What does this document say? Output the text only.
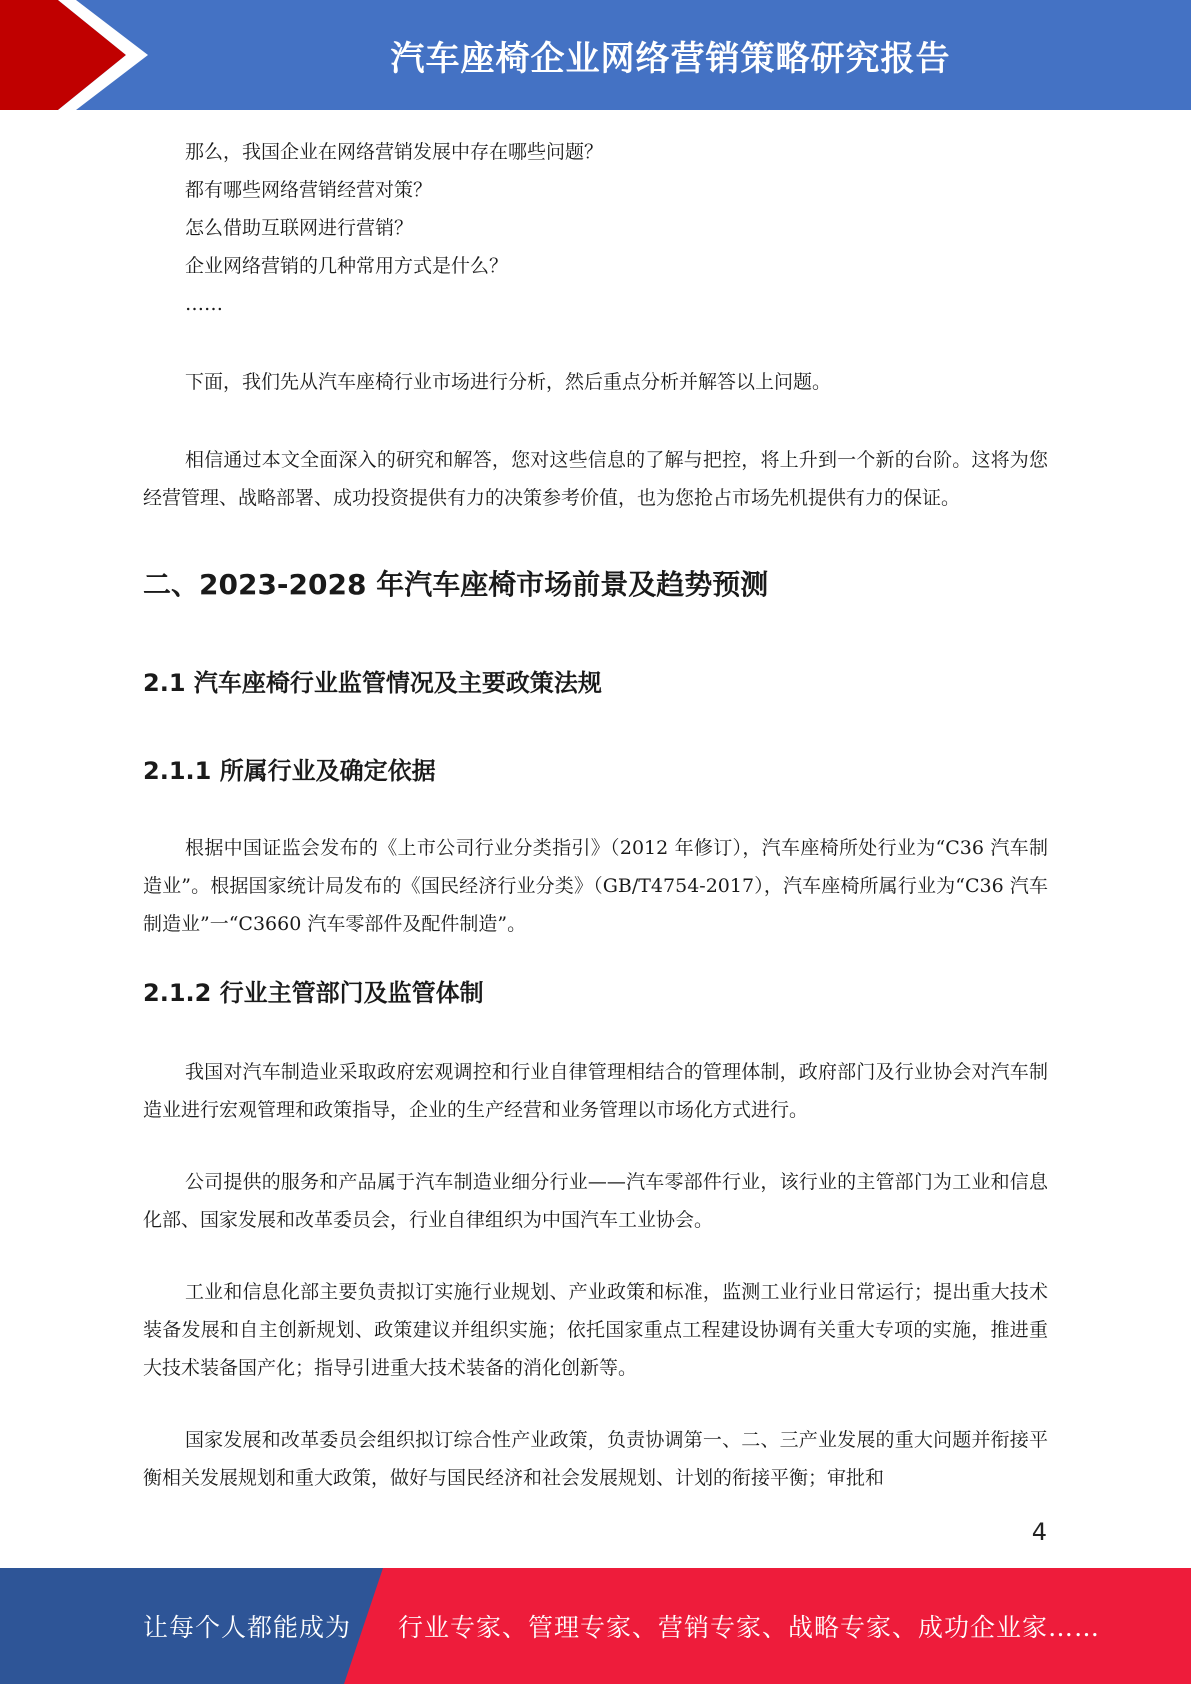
汽车座椅企业网络营销策略研究报告

那么，我国企业在网络营销发展中存在哪些问题？

都有哪些网络营销经营对策？

怎么借助互联网进行营销？

企业网络营销的几种常用方式是什么？

……

下面，我们先从汽车座椅行业市场进行分析，然后重点分析并解答以上问题。

相信通过本文全面深入的研究和解答，您对这些信息的了解与把控，将上升到一个新的台阶。这将为您经营管理、战略部署、成功投资提供有力的决策参考价值，也为您抢占市场先机提供有力的保证。

二、2023-2028 年汽车座椅市场前景及趋势预测
2.1 汽车座椅行业监管情况及主要政策法规
2.1.1 所属行业及确定依据

根据中国证监会发布的《上市公司行业分类指引》（2012 年修订），汽车座椅所处行业为“C36 汽车制造业”。根据国家统计局发布的《国民经济行业分类》（GB/T4754-2017），汽车座椅所属行业为“C36 汽车制造业”一“C3660 汽车零部件及配件制造”。

2.1.2 行业主管部门及监管体制

我国对汽车制造业采取政府宏观调控和行业自律管理相结合的管理体制，政府部门及行业协会对汽车制造业进行宏观管理和政策指导，企业的生产经营和业务管理以市场化方式进行。

公司提供的服务和产品属于汽车制造业细分行业——汽车零部件行业，该行业的主管部门为工业和信息化部、国家发展和改革委员会，行业自律组织为中国汽车工业协会。

工业和信息化部主要负责拟订实施行业规划、产业政策和标准，监测工业行业日常运行；提出重大技术装备发展和自主创新规划、政策建议并组织实施；依托国家重点工程建设协调有关重大专项的实施，推进重大技术装备国产化；指导引进重大技术装备的消化创新等。

国家发展和改革委员会组织拟订综合性产业政策，负责协调第一、二、三产业发展的重大问题并衔接平衡相关发展规划和重大政策，做好与国民经济和社会发展规划、计划的衔接平衡；审批和

4
让每个人都能成为 行业专家、管理专家、营销专家、战略专家、成功企业家……
